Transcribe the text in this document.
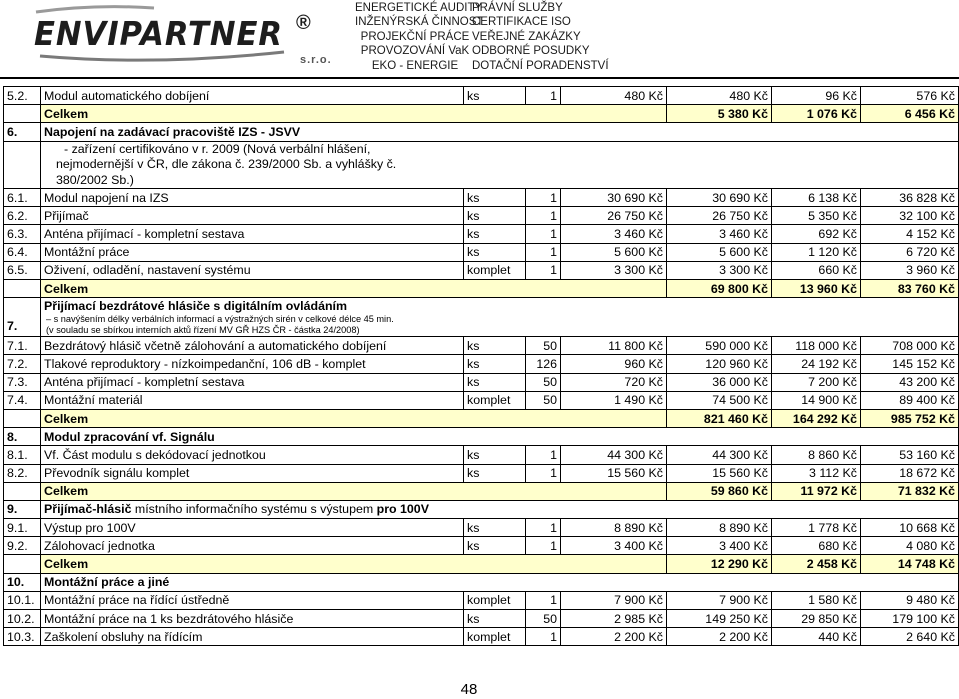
ENVIPARTNER ®
s.r.o.
ENERGETICKÉ AUDITY
INŽENÝRSKÁ ČINNOST
PROJEKČNÍ PRÁCE
PROVOZOVÁNÍ VaK
EKO - ENERGIE
PRÁVNÍ SLUŽBY
CERTIFIKACE ISO
VEŘEJNÉ ZAKÁZKY
ODBORNÉ POSUDKY
DOTAČNÍ PORADENSTVÍ
5.2.	Modul automatického dobíjení	ks	1	480 Kč	480 Kč	96 Kč	576 Kč
	Celkem				5 380 Kč	1 076 Kč	6 456 Kč
6.	Napojení na zadávací pracoviště IZS - JSVV						

	- zařízení certifikováno v r. 2009 (Nová verbální hlášení,
nejmodernější v ČR, dle zákona č. 239/2000 Sb. a vyhlášky č.
380/2002 Sb.)						

6.1.	Modul napojení na IZS	ks	1	30 690 Kč	30 690 Kč	6 138 Kč	36 828 Kč
6.2.	Přijímač	ks	1	26 750 Kč	26 750 Kč	5 350 Kč	32 100 Kč
6.3.	Anténa přijímací - kompletní sestava	ks	1	3 460 Kč	3 460 Kč	692 Kč	4 152 Kč
6.4.	Montážní práce	ks	1	5 600 Kč	5 600 Kč	1 120 Kč	6 720 Kč
6.5.	Oživení, odladění, nastavení systému	komplet	1	3 300 Kč	3 300 Kč	660 Kč	3 960 Kč
	Celkem				69 800 Kč	13 960 Kč	83 760 Kč
7.	Přijímací bezdrátové hlásiče s digitálním ovládáním
– s navýšením délky verbálních informací a výstražných sirén v celkové délce 45 min.
(v souladu se sbírkou interních aktů řízení MV GŘ HZS ČR - částka 24/2008)						

7.1.	Bezdrátový hlásič včetně zálohování a automatického dobíjení	ks	50	11 800 Kč	590 000 Kč	118 000 Kč	708 000 Kč
7.2.	Tlakové reproduktory - nízkoimpedanční, 106 dB - komplet	ks	126	960 Kč	120 960 Kč	24 192 Kč	145 152 Kč
7.3.	Anténa přijímací - kompletní sestava	ks	50	720 Kč	36 000 Kč	7 200 Kč	43 200 Kč
7.4.	Montážní materiál	komplet	50	1 490 Kč	74 500 Kč	14 900 Kč	89 400 Kč
	Celkem				821 460 Kč	164 292 Kč	985 752 Kč
8.	Modul zpracování vf. Signálu						
8.1.	Vf. Část modulu s dekódovací jednotkou	ks	1	44 300 Kč	44 300 Kč	8 860 Kč	53 160 Kč
8.2.	Převodník signálu komplet	ks	1	15 560 Kč	15 560 Kč	3 112 Kč	18 672 Kč
	Celkem				59 860 Kč	11 972 Kč	71 832 Kč
9.	Přijímač-hlásič místního informačního systému s výstupem pro 100V						
9.1.	Výstup pro 100V	ks	1	8 890 Kč	8 890 Kč	1 778 Kč	10 668 Kč
9.2.	Zálohovací jednotka	ks	1	3 400 Kč	3 400 Kč	680 Kč	4 080 Kč
	Celkem				12 290 Kč	2 458 Kč	14 748 Kč
10.	Montážní práce a jiné						
10.1.	Montážní práce na řídící ústředně	komplet	1	7 900 Kč	7 900 Kč	1 580 Kč	9 480 Kč
10.2.	Montážní práce na 1 ks bezdrátového hlásiče	ks	50	2 985 Kč	149 250 Kč	29 850 Kč	179 100 Kč
10.3.	Zaškolení obsluhy na řídícím	komplet	1	2 200 Kč	2 200 Kč	440 Kč	2 640 Kč
48
